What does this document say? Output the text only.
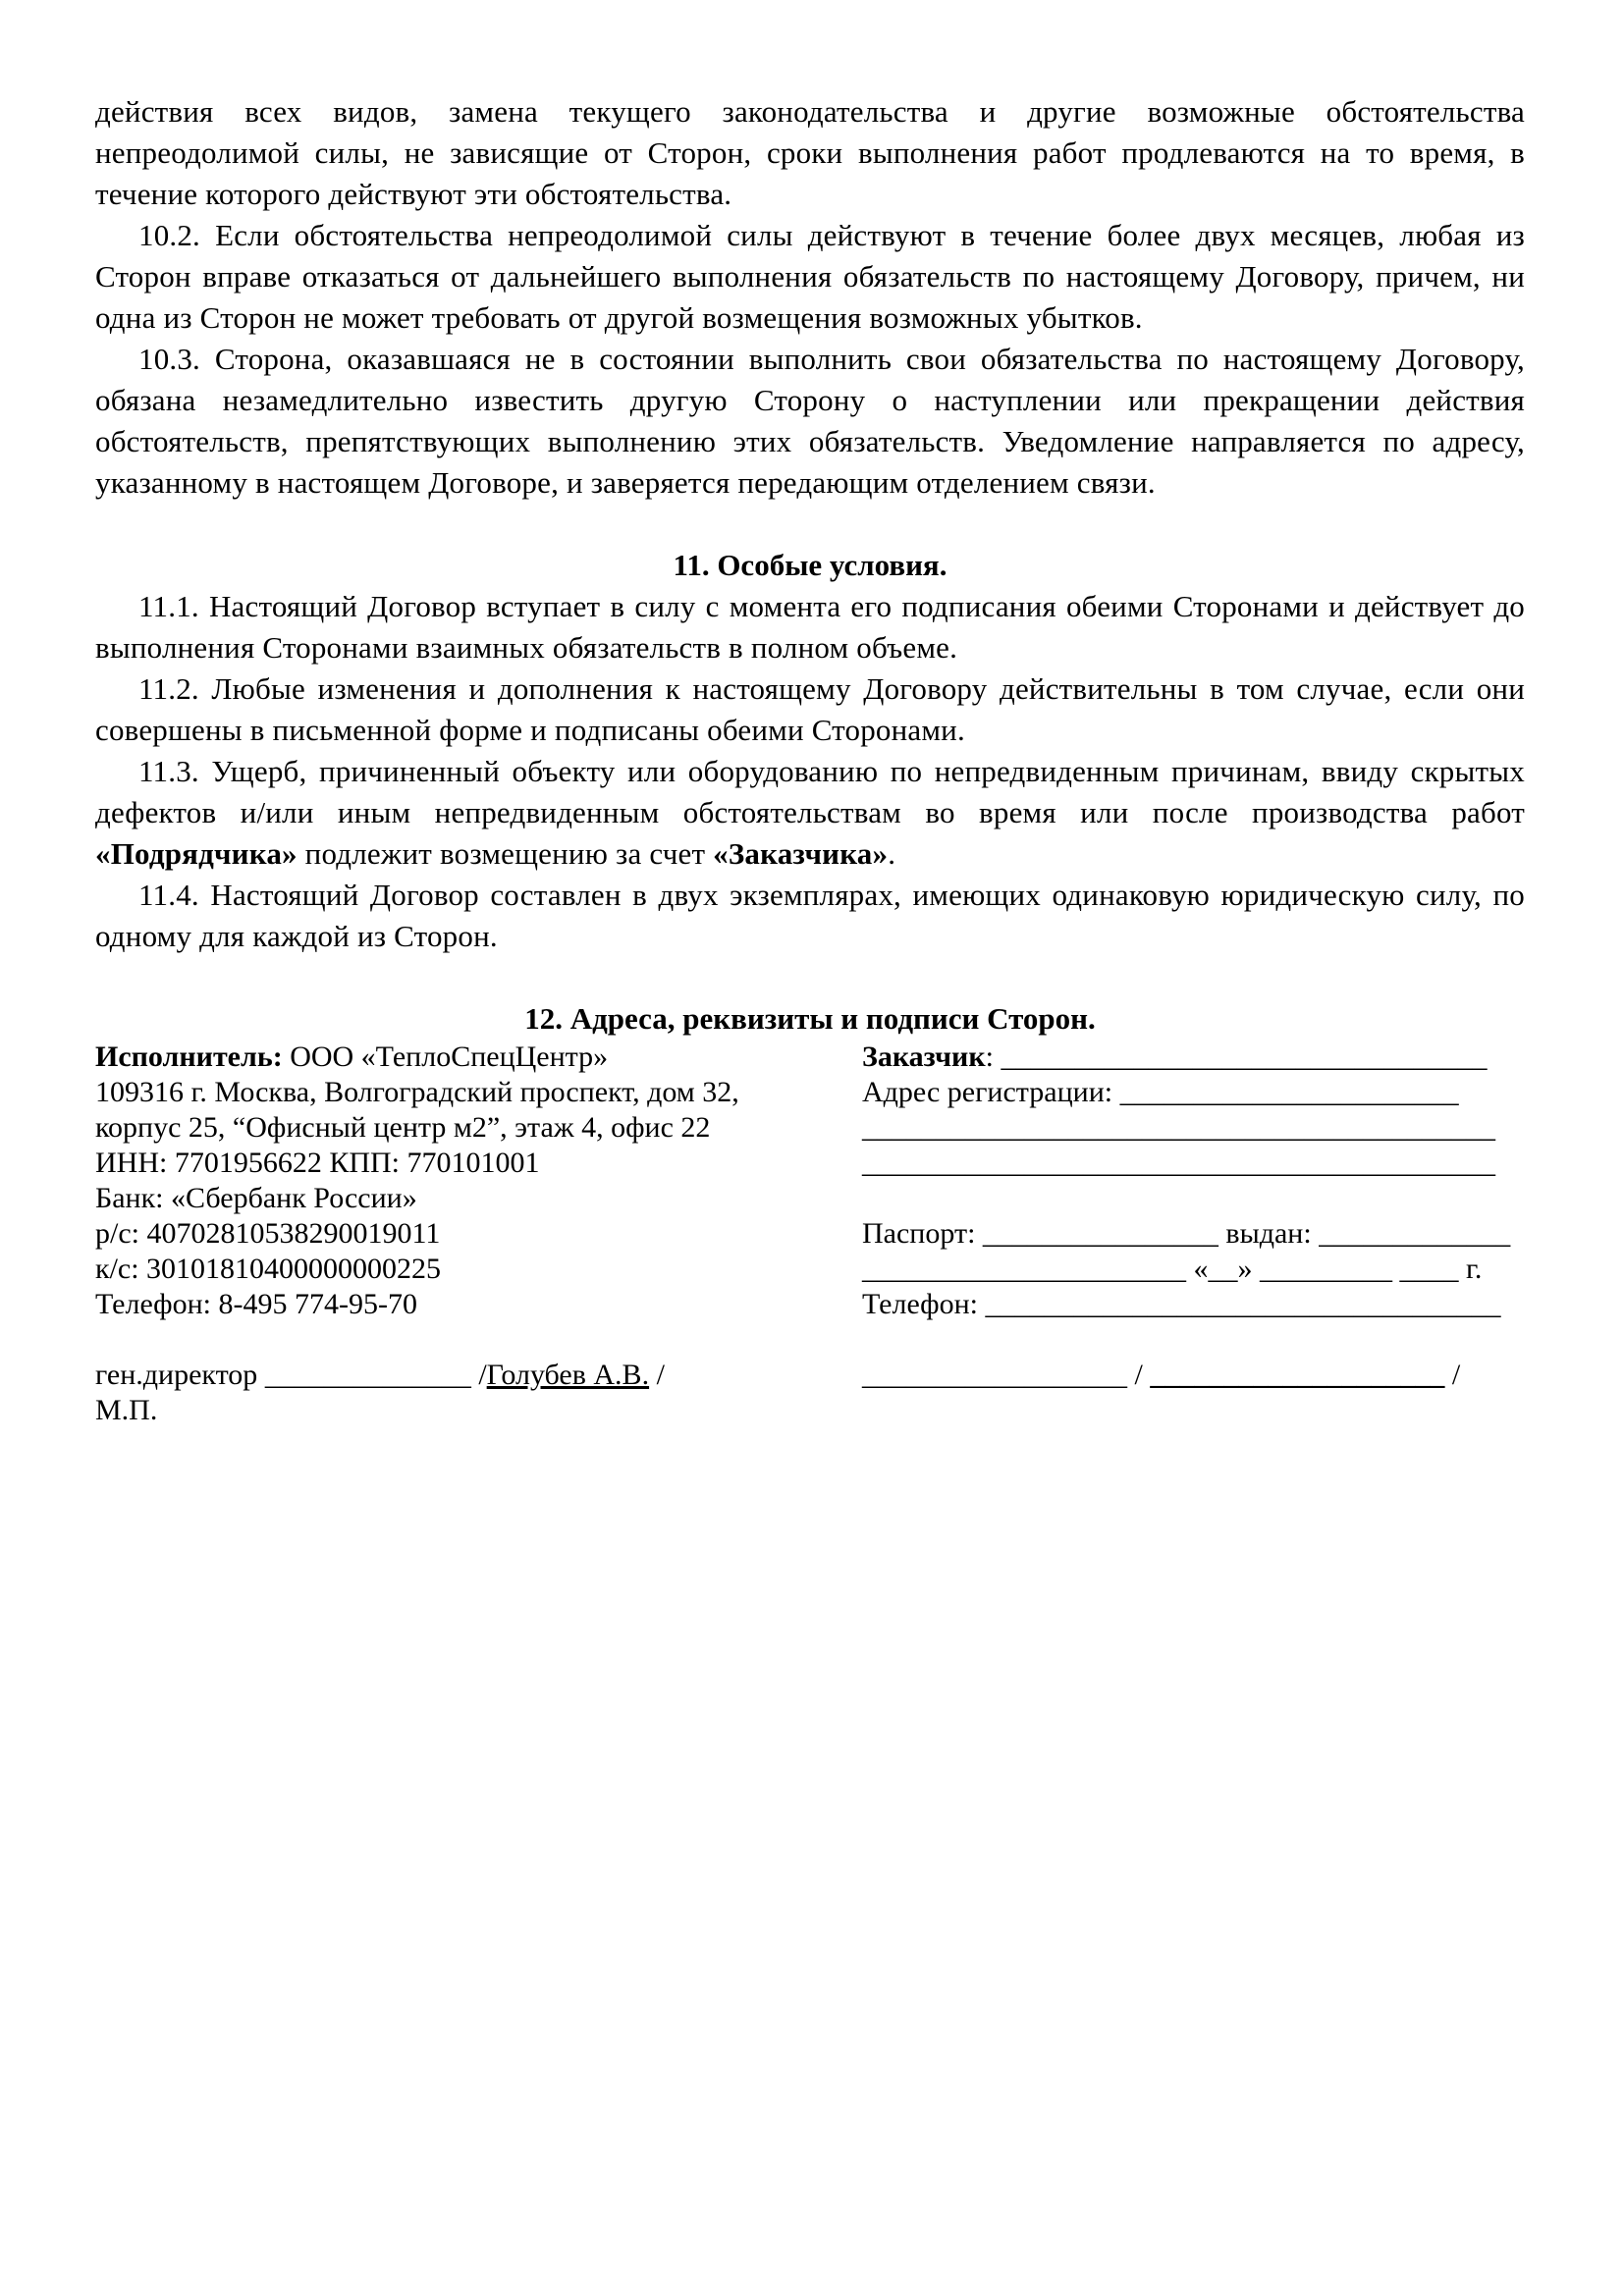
действия всех видов, замена текущего законодательства и другие возможные обстоятельства непреодолимой силы, не зависящие от Сторон, сроки выполнения работ продлеваются на то время, в течение которого действуют эти обстоятельства.

10.2. Если обстоятельства непреодолимой силы действуют в течение более двух месяцев, любая из Сторон вправе отказаться от дальнейшего выполнения обязательств по настоящему Договору, причем, ни одна из Сторон не может требовать от другой возмещения возможных убытков.

10.3. Сторона, оказавшаяся не в состоянии выполнить свои обязательства по настоящему Договору, обязана незамедлительно известить другую Сторону о наступлении или прекращении действия обстоятельств, препятствующих выполнению этих обязательств. Уведомление направляется по адресу, указанному в настоящем Договоре, и заверяется передающим отделением связи.

11. Особые условия.

11.1. Настоящий Договор вступает в силу с момента его подписания обеими Сторонами и действует до выполнения Сторонами взаимных обязательств в полном объеме.

11.2. Любые изменения и дополнения к настоящему Договору действительны в том случае, если они совершены в письменной форме и подписаны обеими Сторонами.

11.3. Ущерб, причиненный объекту или оборудованию по непредвиденным причинам, ввиду скрытых дефектов и/или иным непредвиденным обстоятельствам во время или после производства работ «Подрядчика» подлежит возмещению за счет «Заказчика».

11.4. Настоящий Договор составлен в двух экземплярах, имеющих одинаковую юридическую силу, по одному для каждой из Сторон.

12. Адреса, реквизиты и подписи Сторон.
Исполнитель: ООО «ТеплоСпецЦентр»
109316 г. Москва, Волгоградский проспект, дом 32,
корпус 25, “Офисный центр м2”, этаж 4, офис 22
ИНН: 7701956622 КПП: 770101001
Банк: «Сбербанк России»
р/с: 40702810538290019011
к/с: 30101810400000000225
Телефон: 8-495 774-95-70
ген.директор ______________ /Голубев А.В. /
М.П.
Заказчик: _________________________________
Адрес регистрации: _______________________
___________________________________________
___________________________________________
Паспорт: ________________ выдан: _____________
______________________ «__» _________ ____ г.
Телефон: ___________________________________
__________________ / ____________________ /
